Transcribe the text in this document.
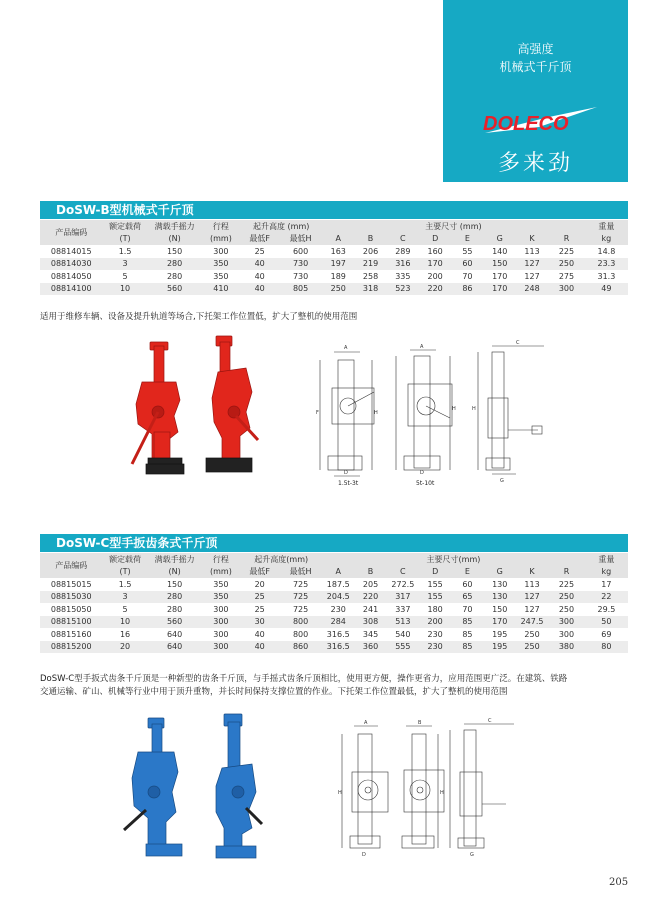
高强度
机械式千斤顶
DOLECO
多来劲
DoSW-B型机械式千斤顶
产品编码	额定载荷	满载手摇力	行程	起升高度 (mm)		主要尺寸 (mm)								重量
	(T)	(N)	(mm)	最低F	最低H	A	B	C	D	E	G	K	R	kg
08814015	1.5	150	300	25	600	163	206	289	160	55	140	113	225	14.8
08814030	3	280	350	40	730	197	219	316	170	60	150	127	250	23.3
08814050	5	280	350	40	730	189	258	335	200	70	170	127	275	31.3
08814100	10	560	410	40	805	250	318	523	220	86	170	248	300	49
适用于维修车辆、设备及提升轨道等场合,下托架工作位置低，扩大了整机的使用范围
A
F	H
D
1.5t-3t
A
H
D
5t-10t
C
H
G
DoSW-C型手扳齿条式千斤顶
产品编码	额定载荷	满载手摇力	行程	起升高度(mm)		主要尺寸(mm)								重量
	(T)	(N)	(mm)	最低F	最低H	A	B	C	D	E	G	K	R	kg
08815015	1.5	150	350	20	725	187.5	205	272.5	155	60	130	113	225	17
08815030	3	280	350	25	725	204.5	220	317	155	65	130	127	250	22
08815050	5	280	300	25	725	230	241	337	180	70	150	127	250	29.5
08815100	10	560	300	30	800	284	308	513	200	85	170	247.5	300	50
08815160	16	640	300	40	800	316.5	345	540	230	85	195	250	300	69
08815200	20	640	300	40	860	316.5	360	555	230	85	195	250	380	80
DoSW-C型手扳式齿条千斤顶是一种新型的齿条千斤顶，与手摇式齿条斤顶相比，使用更方便，操作更省力，应用范围更广泛。在建筑、铁路
交通运输、矿山、机械等行业中用于顶升重物，并长时间保持支撑位置的作业。下托架工作位置最低，扩大了整机的使用范围
A
H
D
B
H
C
G
205
